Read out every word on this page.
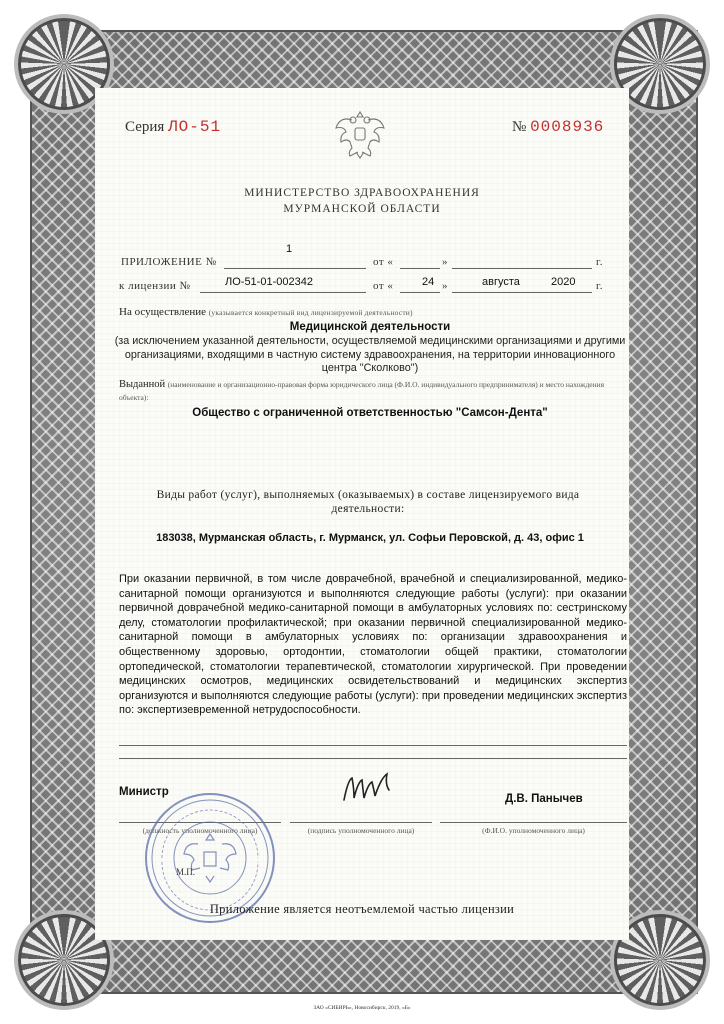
Серия ЛО-51	№ 0008936
МИНИСТЕРСТВО ЗДРАВООХРАНЕНИЯ
МУРМАНСКОЙ ОБЛАСТИ
ПРИЛОЖЕНИЕ №
1
от «	»	г.
к лицензии №	ЛО-51-01-002342	от «	24 »	августа	2020 г.
На осуществление (указывается конкретный вид лицензируемой деятельности)
Медицинской деятельности
(за исключением указанной деятельности, осуществляемой медицинскими организациями и другими организациями, входящими в частную систему здравоохранения, на территории инновационного центра "Сколково")
Выданной (наименование и организационно-правовая форма юридического лица (Ф.И.О. индивидуального предпринимателя) и место нахождения объекта):
Общество с ограниченной ответственностью "Самсон-Дента"
Виды работ (услуг), выполняемых (оказываемых) в составе лицензируемого вида деятельности:
183038, Мурманская область, г. Мурманск, ул. Софьи Перовской, д. 43, офис 1
При оказании первичной, в том числе доврачебной, врачебной и специализированной, медико-санитарной помощи организуются и выполняются следующие работы (услуги): при оказании первичной доврачебной медико-санитарной помощи в амбулаторных условиях по: сестринскому делу, стоматологии профилактической; при оказании первичной специализированной медико-санитарной помощи в амбулаторных условиях по: организации здравоохранения и общественному здоровью, ортодонтии, стоматологии общей практики, стоматологии ортопедической, стоматологии терапевтической, стоматологии хирургической. При проведении медицинских осмотров, медицинских освидетельствований и медицинских экспертиз организуются и выполняются следующие работы (услуги): при проведении медицинских экспертиз по: экспертизевременной нетрудоспособности.
Министр
Д.В. Панычев
(должность уполномоченного лица)	(подпись уполномоченного лица)	(Ф.И.О. уполномоченного лица)
М.П.
Приложение является неотъемлемой частью лицензии
ЗАО «СИБИРЬ», Новосибирск, 2019, «Б»
